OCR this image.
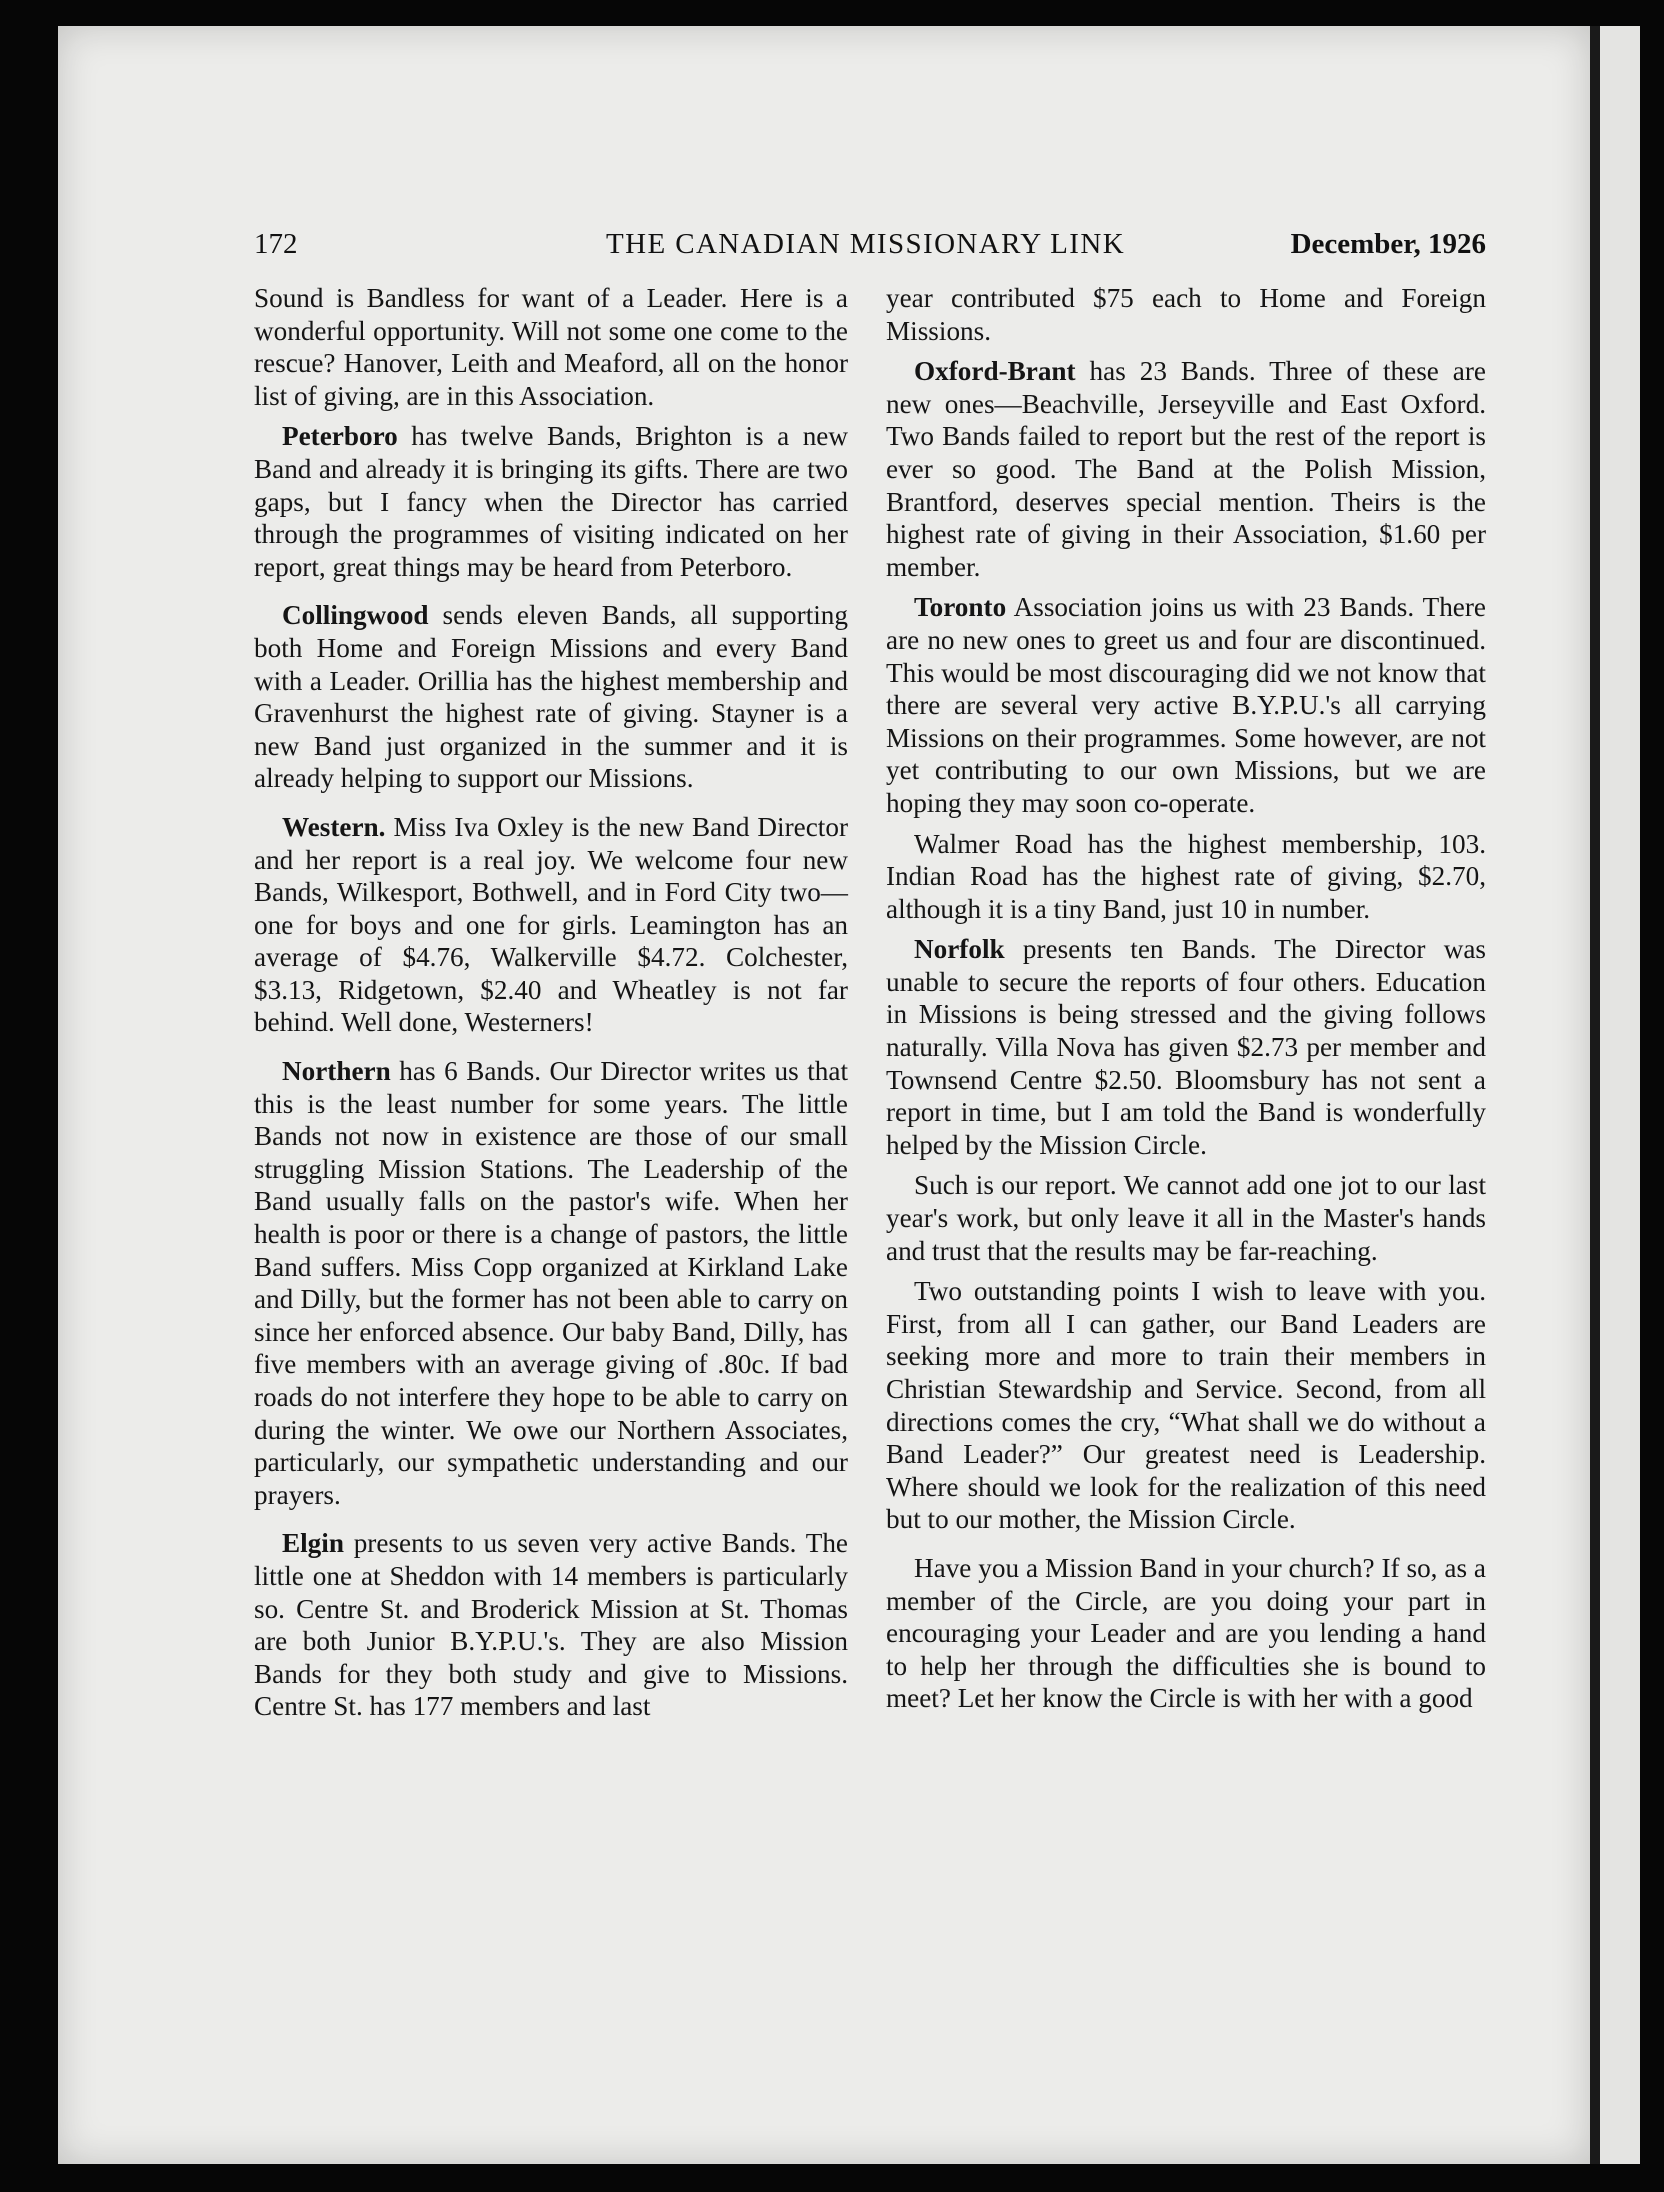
172	THE CANADIAN MISSIONARY LINK	December, 1926

Sound is Bandless for want of a Leader. Here is a wonderful opportunity. Will not some one come to the rescue? Hanover, Leith and Meaford, all on the honor list of giving, are in this Association.

Peterboro has twelve Bands, Brighton is a new Band and already it is bringing its gifts. There are two gaps, but I fancy when the Director has carried through the programmes of visiting indicated on her report, great things may be heard from Peterboro.

Collingwood sends eleven Bands, all supporting both Home and Foreign Missions and every Band with a Leader. Orillia has the highest membership and Gravenhurst the highest rate of giving. Stayner is a new Band just organized in the summer and it is already helping to support our Missions.

Western. Miss Iva Oxley is the new Band Director and her report is a real joy. We welcome four new Bands, Wilkesport, Bothwell, and in Ford City two—one for boys and one for girls. Leamington has an average of $4.76, Walkerville $4.72. Colchester, $3.13, Ridgetown, $2.40 and Wheatley is not far behind. Well done, Westerners!

Northern has 6 Bands. Our Director writes us that this is the least number for some years. The little Bands not now in existence are those of our small struggling Mission Stations. The Leadership of the Band usually falls on the pastor's wife. When her health is poor or there is a change of pastors, the little Band suffers. Miss Copp organized at Kirkland Lake and Dilly, but the former has not been able to carry on since her enforced absence. Our baby Band, Dilly, has five members with an average giving of .80c. If bad roads do not interfere they hope to be able to carry on during the winter. We owe our Northern Associates, particularly, our sympathetic understanding and our prayers.

Elgin presents to us seven very active Bands. The little one at Sheddon with 14 members is particularly so. Centre St. and Broderick Mission at St. Thomas are both Junior B.Y.P.U.'s. They are also Mission Bands for they both study and give to Missions. Centre St. has 177 members and last

year contributed $75 each to Home and Foreign Missions.

Oxford-Brant has 23 Bands. Three of these are new ones—Beachville, Jerseyville and East Oxford. Two Bands failed to report but the rest of the report is ever so good. The Band at the Polish Mission, Brantford, deserves special mention. Theirs is the highest rate of giving in their Association, $1.60 per member.

Toronto Association joins us with 23 Bands. There are no new ones to greet us and four are discontinued. This would be most discouraging did we not know that there are several very active B.Y.P.U.'s all carrying Missions on their programmes. Some however, are not yet contributing to our own Missions, but we are hoping they may soon co-operate.

Walmer Road has the highest membership, 103. Indian Road has the highest rate of giving, $2.70, although it is a tiny Band, just 10 in number.

Norfolk presents ten Bands. The Director was unable to secure the reports of four others. Education in Missions is being stressed and the giving follows naturally. Villa Nova has given $2.73 per member and Townsend Centre $2.50. Bloomsbury has not sent a report in time, but I am told the Band is wonderfully helped by the Mission Circle.

Such is our report. We cannot add one jot to our last year's work, but only leave it all in the Master's hands and trust that the results may be far-reaching.

Two outstanding points I wish to leave with you. First, from all I can gather, our Band Leaders are seeking more and more to train their members in Christian Stewardship and Service. Second, from all directions comes the cry, “What shall we do without a Band Leader?” Our greatest need is Leadership. Where should we look for the realization of this need but to our mother, the Mission Circle.

Have you a Mission Band in your church? If so, as a member of the Circle, are you doing your part in encouraging your Leader and are you lending a hand to help her through the difficulties she is bound to meet? Let her know the Circle is with her with a good
